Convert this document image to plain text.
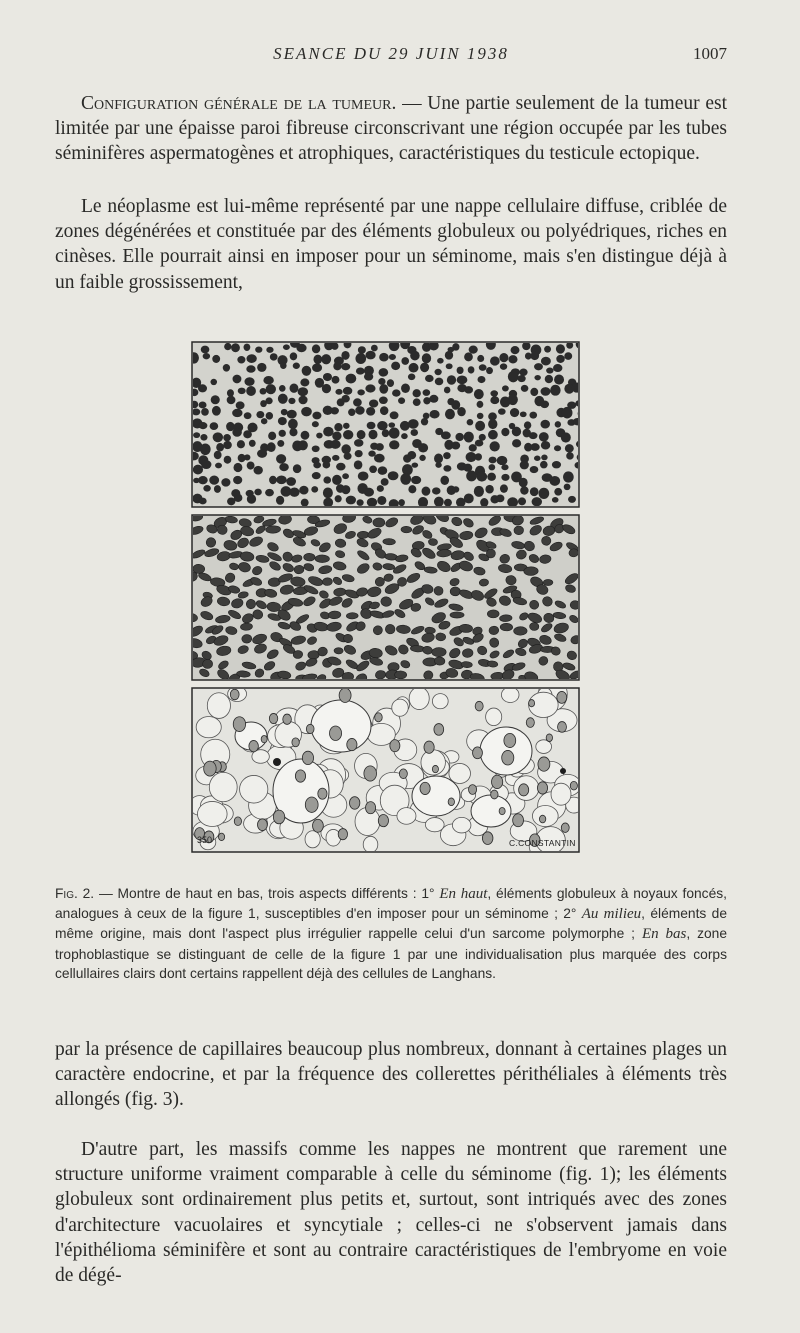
SEANCE DU 29 JUIN 1938	1007

Configuration générale de la tumeur. — Une partie seulement de la tumeur est limitée par une épaisse paroi fibreuse circonscrivant une région occupée par les tubes séminifères aspermatogènes et atrophiques, caractéristiques du testicule ectopique.

Le néoplasme est lui-même représenté par une nappe cellulaire diffuse, criblée de zones dégénérées et constituée par des éléments globuleux ou polyédriques, riches en cinèses. Elle pourrait ainsi en imposer pour un séminome, mais s'en distingue déjà à un faible grossissement,

350	C.CONSTANTIN

Fig. 2. — Montre de haut en bas, trois aspects différents : 1° En haut, éléments globuleux à noyaux foncés, analogues à ceux de la figure 1, susceptibles d'en imposer pour un séminome ; 2° Au milieu, éléments de même origine, mais dont l'aspect plus irrégulier rappelle celui d'un sarcome polymorphe ; En bas, zone trophoblastique se distinguant de celle de la figure 1 par une individualisation plus marquée des corps cellullaires clairs dont certains rappellent déjà des cellules de Langhans.

par la présence de capillaires beaucoup plus nombreux, donnant à certaines plages un caractère endocrine, et par la fréquence des collerettes périthéliales à éléments très allongés (fig. 3).

D'autre part, les massifs comme les nappes ne montrent que rarement une structure uniforme vraiment comparable à celle du séminome (fig. 1); les éléments globuleux sont ordinairement plus petits et, surtout, sont intriqués avec des zones d'architecture vacuolaires et syncytiale ; celles-ci ne s'observent jamais dans l'épithélioma séminifère et sont au contraire caractéristiques de l'embryome en voie de dégé-
